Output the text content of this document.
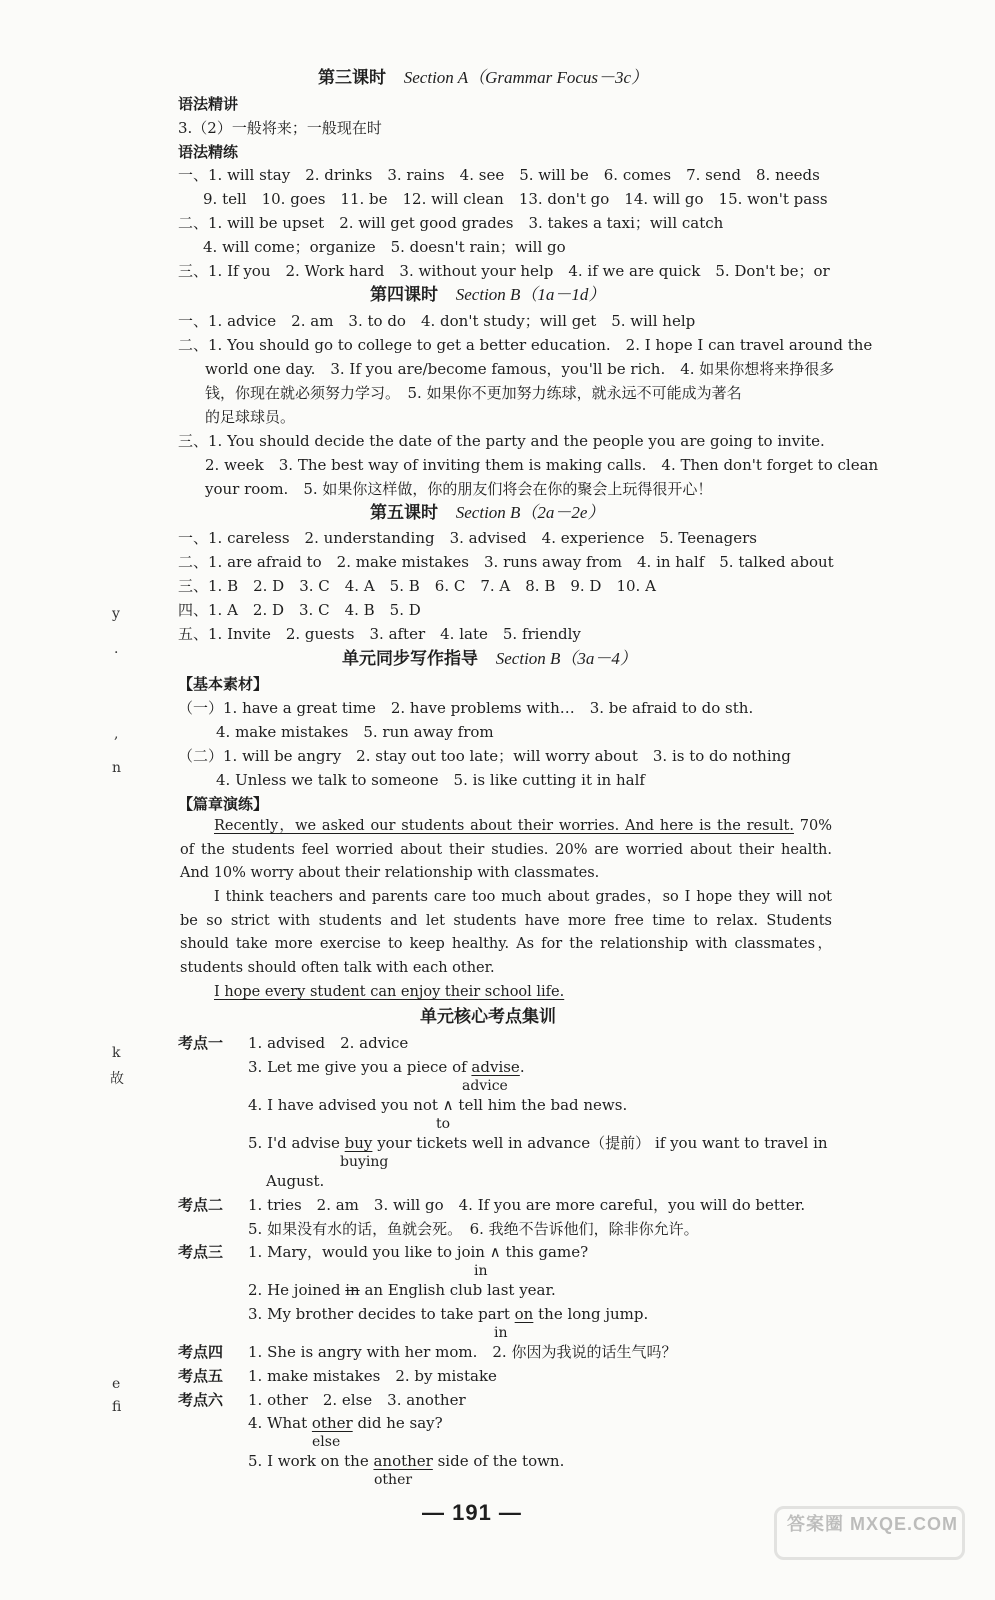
y
·
,
n
k
故
e
fi
第三课时 Section A（Grammar Focus－3c）
语法精讲
3.（2）一般将来；一般现在时
语法精练
一、1. will stay　2. drinks　3. rains　4. see　5. will be　6. comes　7. send　8. needs
9. tell　10. goes　11. be　12. will clean　13. don't go　14. will go　15. won't pass
二、1. will be upset　2. will get good grades　3. takes a taxi；will catch
4. will come；organize　5. doesn't rain；will go
三、1. If you　2. Work hard　3. without your help　4. if we are quick　5. Don't be；or
第四课时 Section B（1a－1d）
一、1. advice　2. am　3. to do　4. don't study；will get　5. will help
二、1. You should go to college to get a better education.　2. I hope I can travel around the
world one day.　3. If you are/become famous，you'll be rich.　4. 如果你想将来挣很多
钱，你现在就必须努力学习。　5. 如果你不更加努力练球，就永远不可能成为著名
的足球球员。
三、1. You should decide the date of the party and the people you are going to invite.
2. week　3. The best way of inviting them is making calls.　4. Then don't forget to clean
your room.　5. 如果你这样做，你的朋友们将会在你的聚会上玩得很开心！
第五课时 Section B（2a－2e）
一、1. careless　2. understanding　3. advised　4. experience　5. Teenagers
二、1. are afraid to　2. make mistakes　3. runs away from　4. in half　5. talked about
三、1. B　2. D　3. C　4. A　5. B　6. C　7. A　8. B　9. D　10. A
四、1. A　2. D　3. C　4. B　5. D
五、1. Invite　2. guests　3. after　4. late　5. friendly
单元同步写作指导 Section B（3a－4）
【基本素材】
（一）1. have a great time　2. have problems with…　3. be afraid to do sth.
4. make mistakes　5. run away from
（二）1. will be angry　2. stay out too late；will worry about　3. is to do nothing
4. Unless we talk to someone　5. is like cutting it in half
【篇章演练】
Recently，we asked our students about their worries. And here is the result. 70% of the students feel worried about their studies. 20% are worried about their health. And 10% worry about their relationship with classmates.
I think teachers and parents care too much about grades，so I hope they will not be so strict with students and let students have more free time to relax. Students should take more exercise to keep healthy. As for the relationship with classmates，students should often talk with each other.
I hope every student can enjoy their school life.
单元核心考点集训
考点一 1. advised　2. advice
3. Let me give you a piece of advise.
advice
4. I have advised you not ∧ tell him the bad news.
to
5. I'd advise buy your tickets well in advance（提前） if you want to travel in
buying
August.
考点二 1. tries　2. am　3. will go　4. If you are more careful，you will do better.
5. 如果没有水的话，鱼就会死。　6. 我绝不告诉他们，除非你允许。
考点三 1. Mary，would you like to join ∧ this game?
in
2. He joined in an English club last year.
3. My brother decides to take part on the long jump.
in
考点四 1. She is angry with her mom.　2. 你因为我说的话生气吗？
考点五 1. make mistakes　2. by mistake
考点六 1. other　2. else　3. another
4. What other did he say?
else
5. I work on the another side of the town.
other
— 191 —	答案圈 MXQE.COM
